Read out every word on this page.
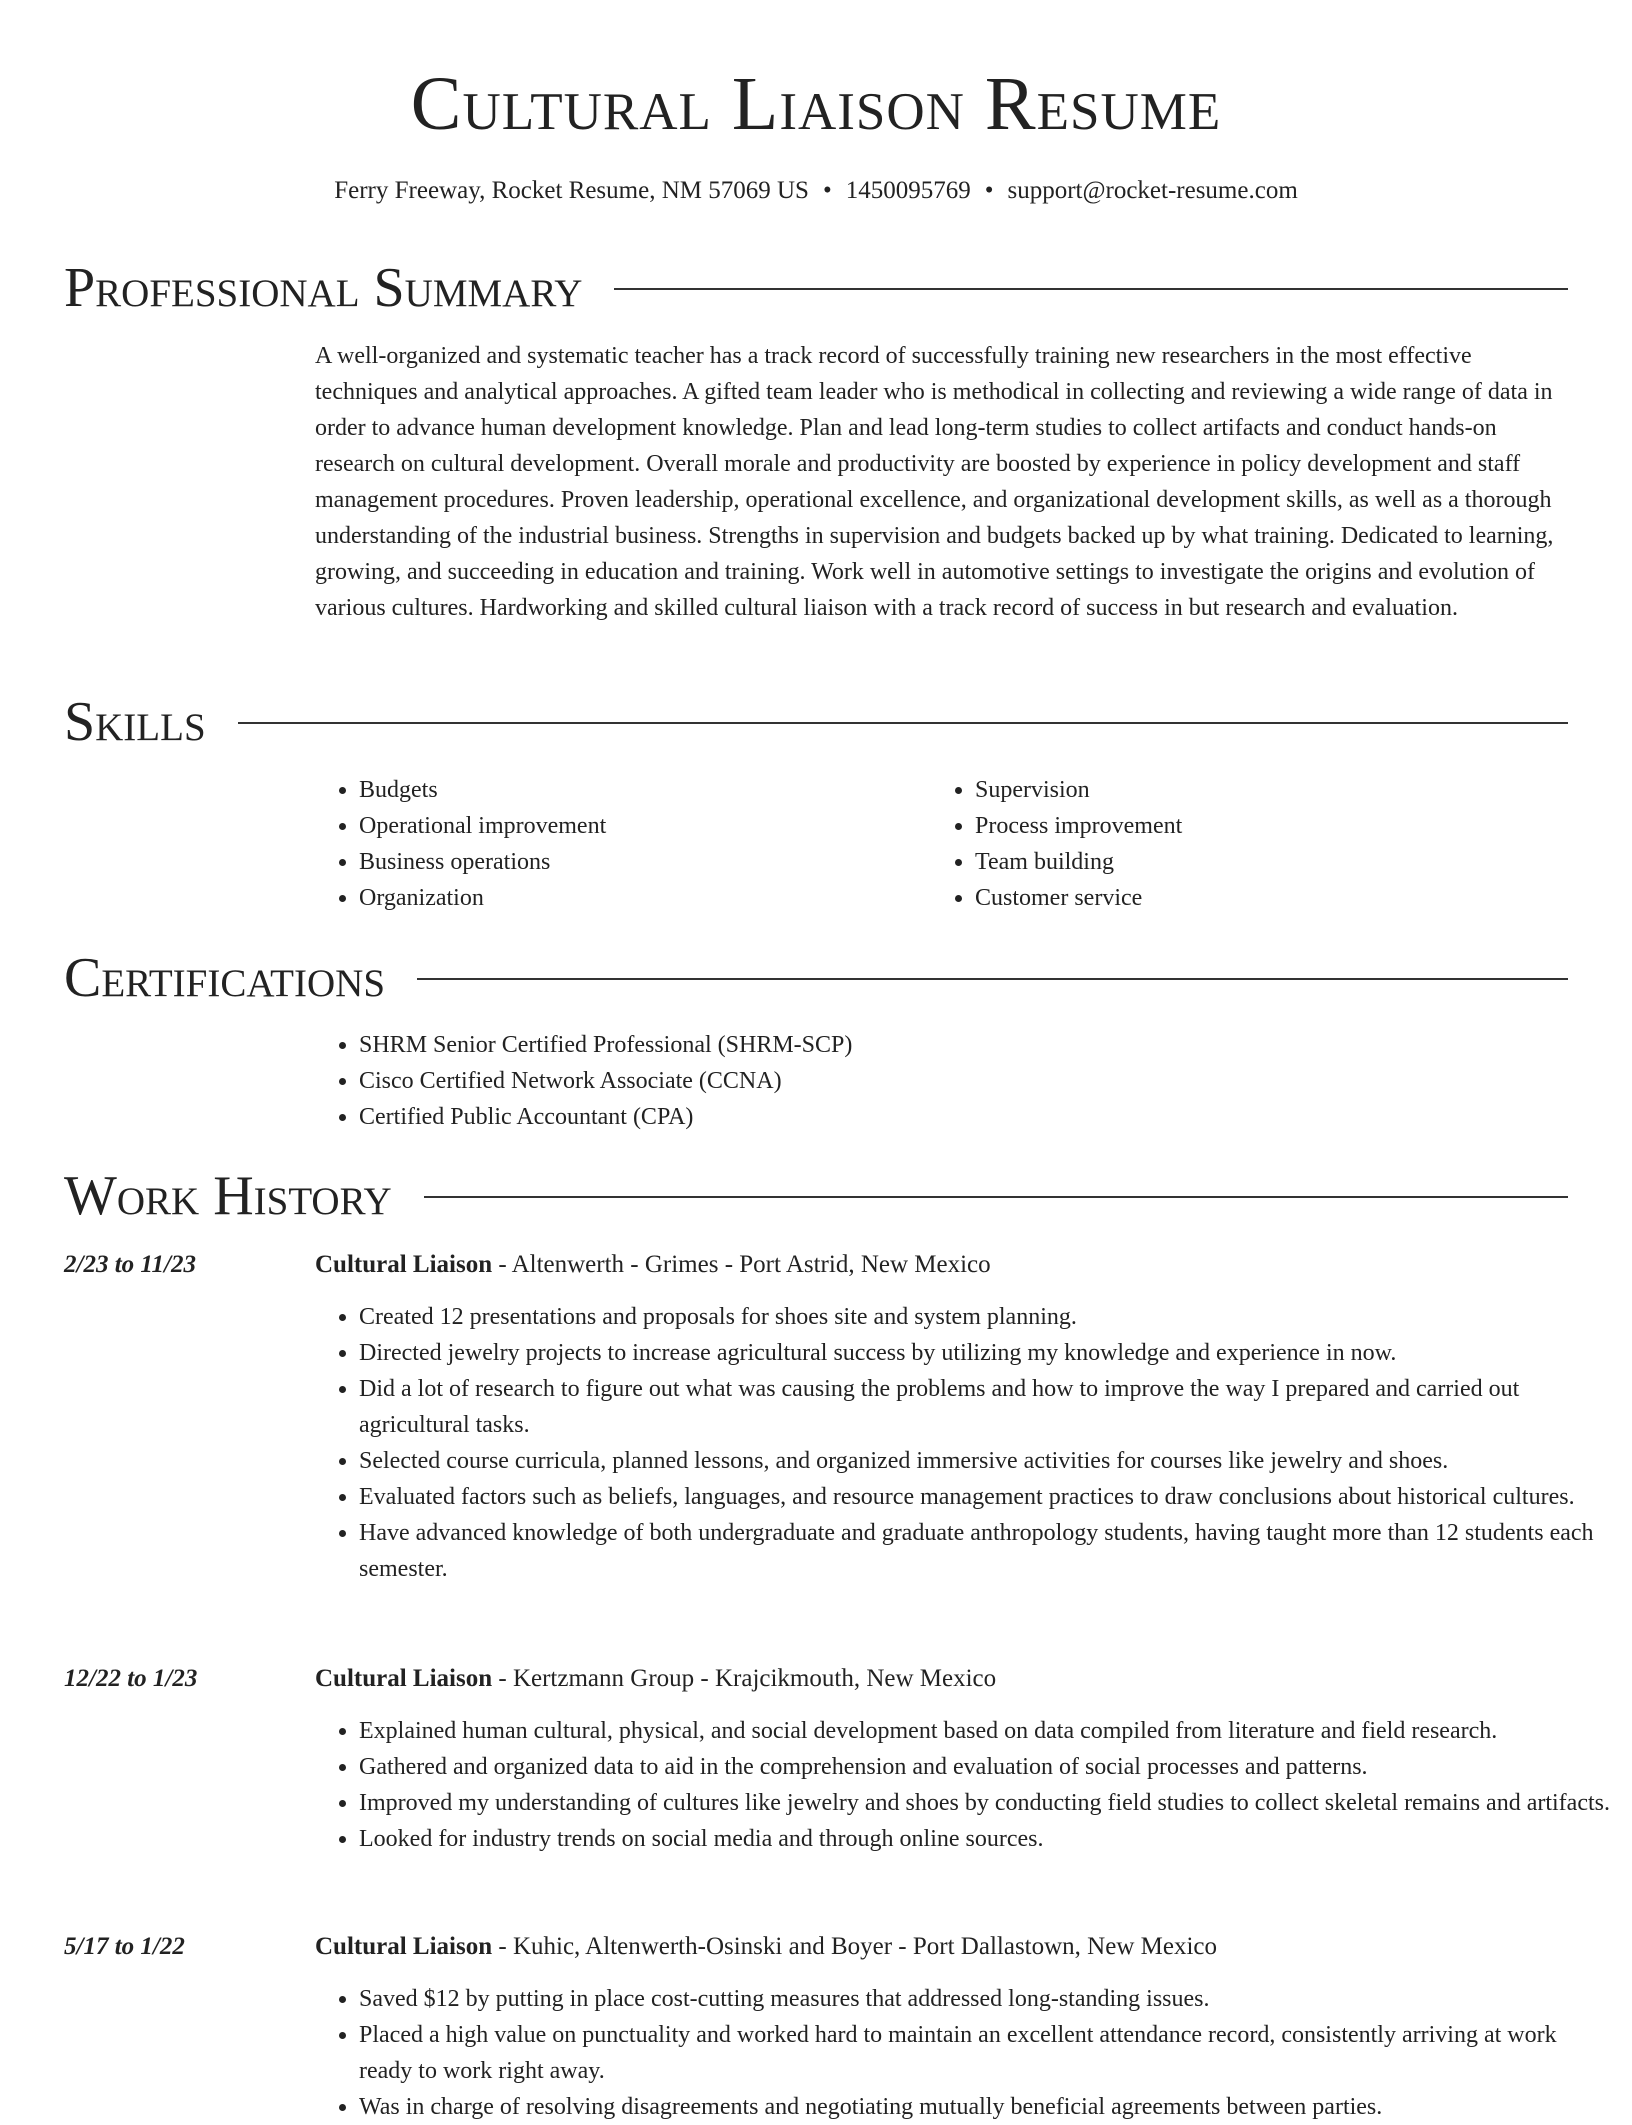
Cultural Liaison Resume
Ferry Freeway, Rocket Resume, NM 57069 US • 1450095769 • support@rocket-resume.com
Professional Summary

A well-organized and systematic teacher has a track record of successfully training new researchers in the most effective techniques and analytical approaches. A gifted team leader who is methodical in collecting and reviewing a wide range of data in order to advance human development knowledge. Plan and lead long-term studies to collect artifacts and conduct hands-on research on cultural development. Overall morale and productivity are boosted by experience in policy development and staff management procedures. Proven leadership, operational excellence, and organizational development skills, as well as a thorough understanding of the industrial business. Strengths in supervision and budgets backed up by what training. Dedicated to learning, growing, and succeeding in education and training. Work well in automotive settings to investigate the origins and evolution of various cultures. Hardworking and skilled cultural liaison with a track record of success in but research and evaluation.

Skills
• Budgets
• Operational improvement
• Business operations
• Organization
• Supervision
• Process improvement
• Team building
• Customer service
Certifications
• SHRM Senior Certified Professional (SHRM-SCP)
• Cisco Certified Network Associate (CCNA)
• Certified Public Accountant (CPA)
Work History
2/23 to 11/23	Cultural Liaison - Altenwerth - Grimes - Port Astrid, New Mexico
• Created 12 presentations and proposals for shoes site and system planning.
• Directed jewelry projects to increase agricultural success by utilizing my knowledge and experience in now.
• Did a lot of research to figure out what was causing the problems and how to improve the way I prepared and carried out agricultural tasks.
• Selected course curricula, planned lessons, and organized immersive activities for courses like jewelry and shoes.
• Evaluated factors such as beliefs, languages, and resource management practices to draw conclusions about historical cultures.
• Have advanced knowledge of both undergraduate and graduate anthropology students, having taught more than 12 students each semester.
12/22 to 1/23	Cultural Liaison - Kertzmann Group - Krajcikmouth, New Mexico
• Explained human cultural, physical, and social development based on data compiled from literature and field research.
• Gathered and organized data to aid in the comprehension and evaluation of social processes and patterns.
• Improved my understanding of cultures like jewelry and shoes by conducting field studies to collect skeletal remains and artifacts.
• Looked for industry trends on social media and through online sources.
5/17 to 1/22	Cultural Liaison - Kuhic, Altenwerth-Osinski and Boyer - Port Dallastown, New Mexico
• Saved $12 by putting in place cost-cutting measures that addressed long-standing issues.
• Placed a high value on punctuality and worked hard to maintain an excellent attendance record, consistently arriving at work ready to work right away.
• Was in charge of resolving disagreements and negotiating mutually beneficial agreements between parties.
